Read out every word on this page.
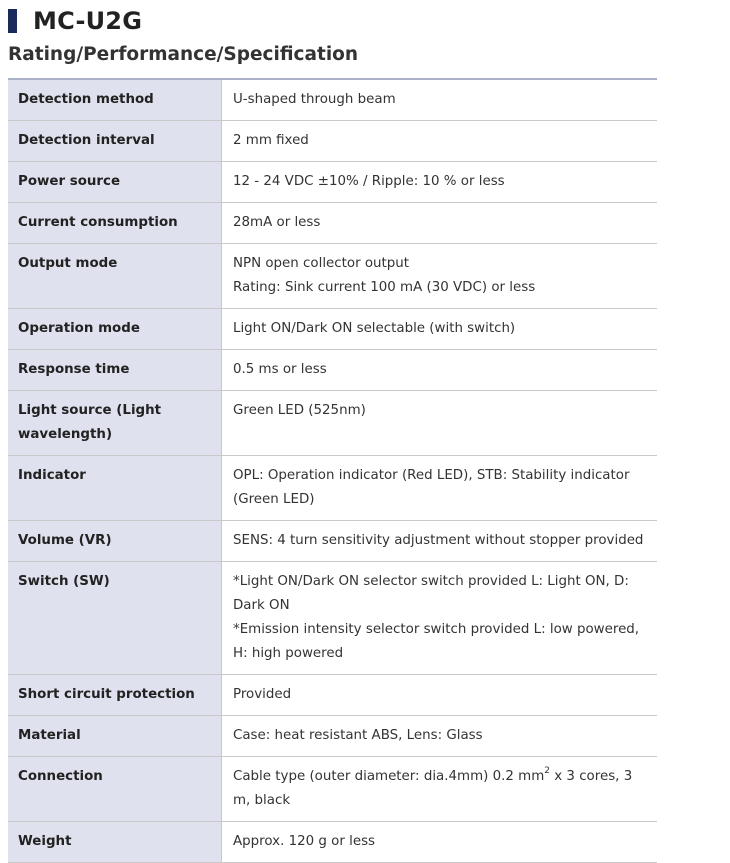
MC-U2G
Rating/Performance/Specification
Detection method	U-shaped through beam

Detection interval	2 mm fixed

Power source	12 - 24 VDC ±10% / Ripple: 10 % or less

Current consumption	28mA or less

Output mode	NPN open collector output
Rating: Sink current 100 mA (30 VDC) or less

Operation mode	Light ON/Dark ON selectable (with switch)

Response time	0.5 ms or less

Light source (Light wavelength)	Green LED (525nm)

Indicator	OPL: Operation indicator (Red LED), STB: Stability indicator (Green LED)

Volume (VR)	SENS: 4 turn sensitivity adjustment without stopper provided

Switch (SW)	*Light ON/Dark ON selector switch provided L: Light ON, D: Dark ON
*Emission intensity selector switch provided L: low powered, H: high powered

Short circuit protection	Provided

Material	Case: heat resistant ABS, Lens: Glass

Connection	Cable type (outer diameter: dia.4mm) 0.2 $mm^2$ x 3 cores, 3 m, black
Weight	Approx. 120 g or less
